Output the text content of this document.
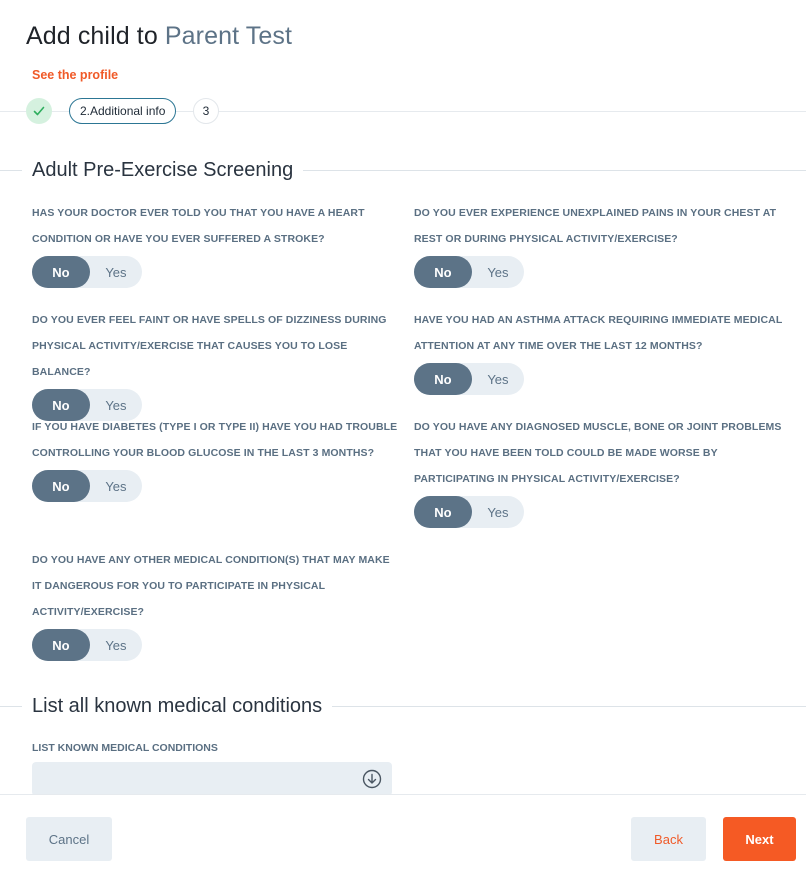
Add child to Parent Test
See the profile
2.Additional info	3
Adult Pre-Exercise Screening
HAS YOUR DOCTOR EVER TOLD YOU THAT YOU HAVE A HEART CONDITION OR HAVE YOU EVER SUFFERED A STROKE?
No	Yes
DO YOU EVER EXPERIENCE UNEXPLAINED PAINS IN YOUR CHEST AT REST OR DURING PHYSICAL ACTIVITY/EXERCISE?
No	Yes
DO YOU EVER FEEL FAINT OR HAVE SPELLS OF DIZZINESS DURING PHYSICAL ACTIVITY/EXERCISE THAT CAUSES YOU TO LOSE BALANCE?
No	Yes
HAVE YOU HAD AN ASTHMA ATTACK REQUIRING IMMEDIATE MEDICAL ATTENTION AT ANY TIME OVER THE LAST 12 MONTHS?
No	Yes
IF YOU HAVE DIABETES (TYPE I OR TYPE II) HAVE YOU HAD TROUBLE CONTROLLING YOUR BLOOD GLUCOSE IN THE LAST 3 MONTHS?
No	Yes
DO YOU HAVE ANY DIAGNOSED MUSCLE, BONE OR JOINT PROBLEMS THAT YOU HAVE BEEN TOLD COULD BE MADE WORSE BY PARTICIPATING IN PHYSICAL ACTIVITY/EXERCISE?
No	Yes
DO YOU HAVE ANY OTHER MEDICAL CONDITION(S) THAT MAY MAKE IT DANGEROUS FOR YOU TO PARTICIPATE IN PHYSICAL ACTIVITY/EXERCISE?
No	Yes
List all known medical conditions
LIST KNOWN MEDICAL CONDITIONS
Cancel	Back	Next
